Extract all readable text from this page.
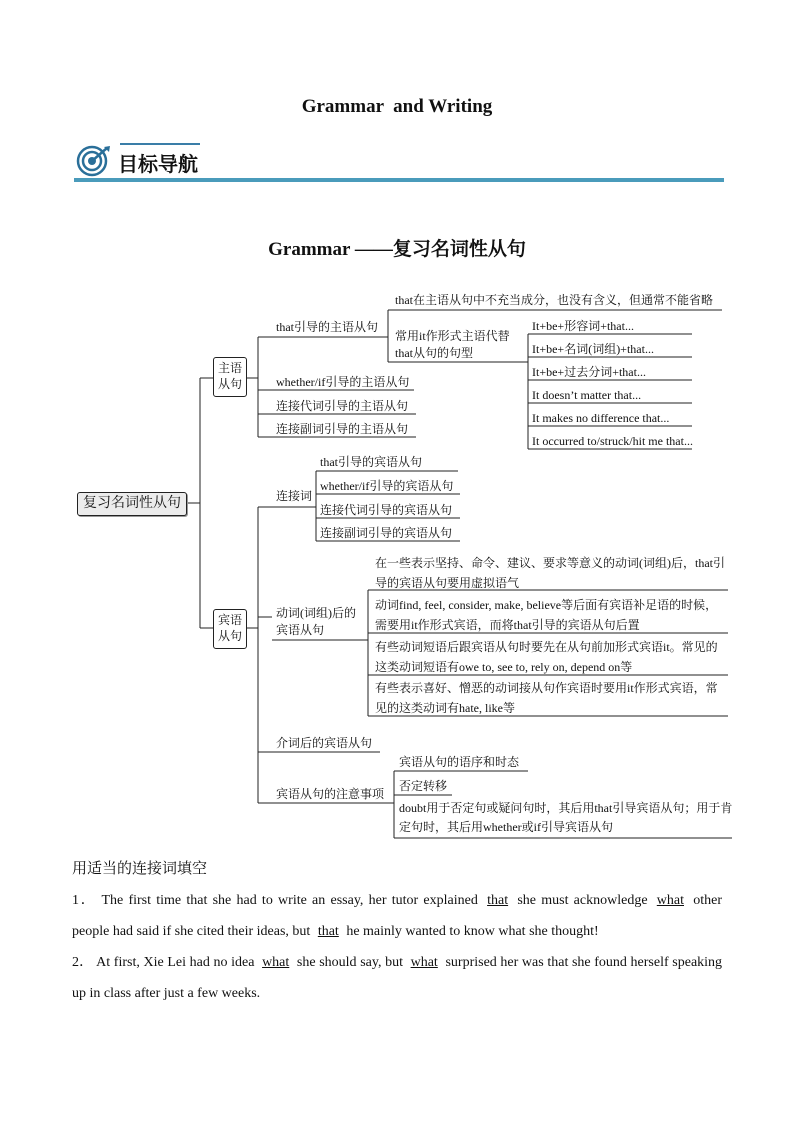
Grammar  and Writing
目标导航
Grammar ——复习名词性从句
复习名词性从句
主语从句
宾语从句
that引导的主语从句
that在主语从句中不充当成分，也没有含义，但通常不能省略
常用it作形式主语代替that从句的句型
It+be+形容词+that...
It+be+名词(词组)+that...
It+be+过去分词+that...
It doesn’t matter that...
It makes no difference that...
It occurred to/struck/hit me that...
whether/if引导的主语从句
连接代词引导的主语从句
连接副词引导的主语从句
连接词
that引导的宾语从句
whether/if引导的宾语从句
连接代词引导的宾语从句
连接副词引导的宾语从句
动词(词组)后的宾语从句
在一些表示坚持、命令、建议、要求等意义的动词(词组)后，that引导的宾语从句要用虚拟语气
动词find, feel, consider, make, believe等后面有宾语补足语的时候，需要用it作形式宾语，而将that引导的宾语从句后置
有些动词短语后跟宾语从句时要先在从句前加形式宾语it。常见的这类动词短语有owe to, see to, rely on, depend on等
有些表示喜好、憎恶的动词接从句作宾语时要用it作形式宾语，常见的这类动词有hate, like等
介词后的宾语从句
宾语从句的注意事项
宾语从句的语序和时态
否定转移
doubt用于否定句或疑问句时，其后用that引导宾语从句；用于肯定句时，其后用whether或if引导宾语从句
用适当的连接词填空
1． The first time that she had to write an essay, her tutor explained that she must acknowledge what other people had said if she cited their ideas, but that he mainly wanted to know what she thought!
2． At first, Xie Lei had no idea what she should say, but what surprised her was that she found herself speaking up in class after just a few weeks.
